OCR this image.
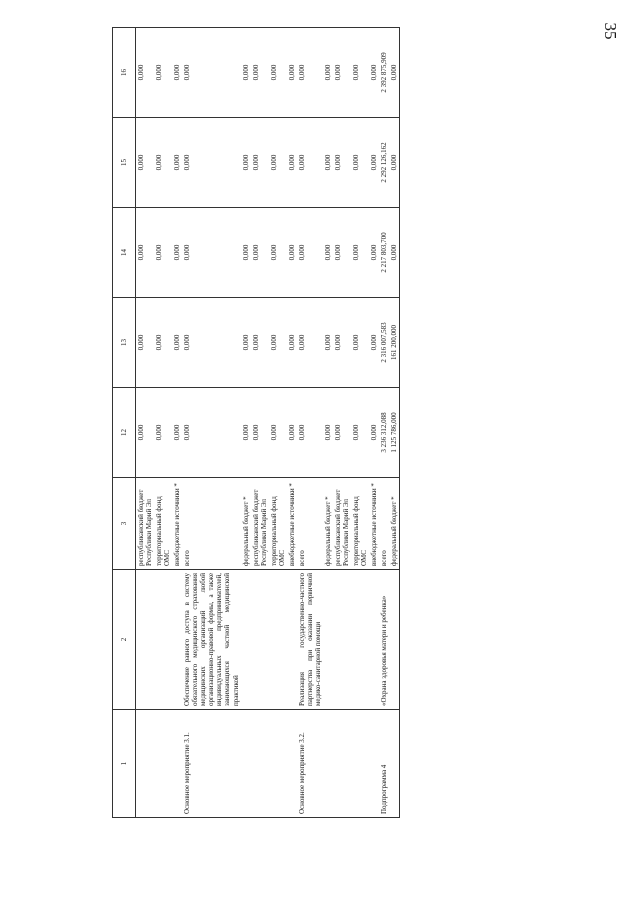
35
1	2	3	12	13	14	15	16
		республиканский бюджет Республики Марий Эл	0,000	0,000	0,000	0,000	0,000
		территориальный фонд ОМС	0,000	0,000	0,000	0,000	0,000
		внебюджетные источники *	0,000	0,000	0,000	0,000	0,000
Основное мероприятие 3.1.	Обеспечение равного доступа в систему обязательного медицинского страхования медицинских организаций любой организационно-правовой формы, а также индивидуальных предпринимателей, занимающихся частной медицинской практикой	всего	0,000	0,000	0,000	0,000	0,000
		федеральный бюджет *	0,000	0,000	0,000	0,000	0,000
		республиканский бюджет Республики Марий Эл	0,000	0,000	0,000	0,000	0,000
		территориальный фонд ОМС	0,000	0,000	0,000	0,000	0,000
		внебюджетные источники *	0,000	0,000	0,000	0,000	0,000
Основное мероприятие 3.2.	Реализация государственно-частного партнерства при оказании первичной медико-санитарной помощи	всего	0,000	0,000	0,000	0,000	0,000
		федеральный бюджет *	0,000	0,000	0,000	0,000	0,000
		республиканский бюджет Республики Марий Эл	0,000	0,000	0,000	0,000	0,000
		территориальный фонд ОМС	0,000	0,000	0,000	0,000	0,000
		внебюджетные источники *	0,000	0,000	0,000	0,000	0,000
Подпрограмма 4	«Охрана здоровья матери и ребенка»	всего	3 236 312,088	2 316 007,583	2 217 803,700	2 292 126,162	2 392 875,909
		федеральный бюджет *	1 125 786,000	161 200,000	0,000	0,000	0,000
